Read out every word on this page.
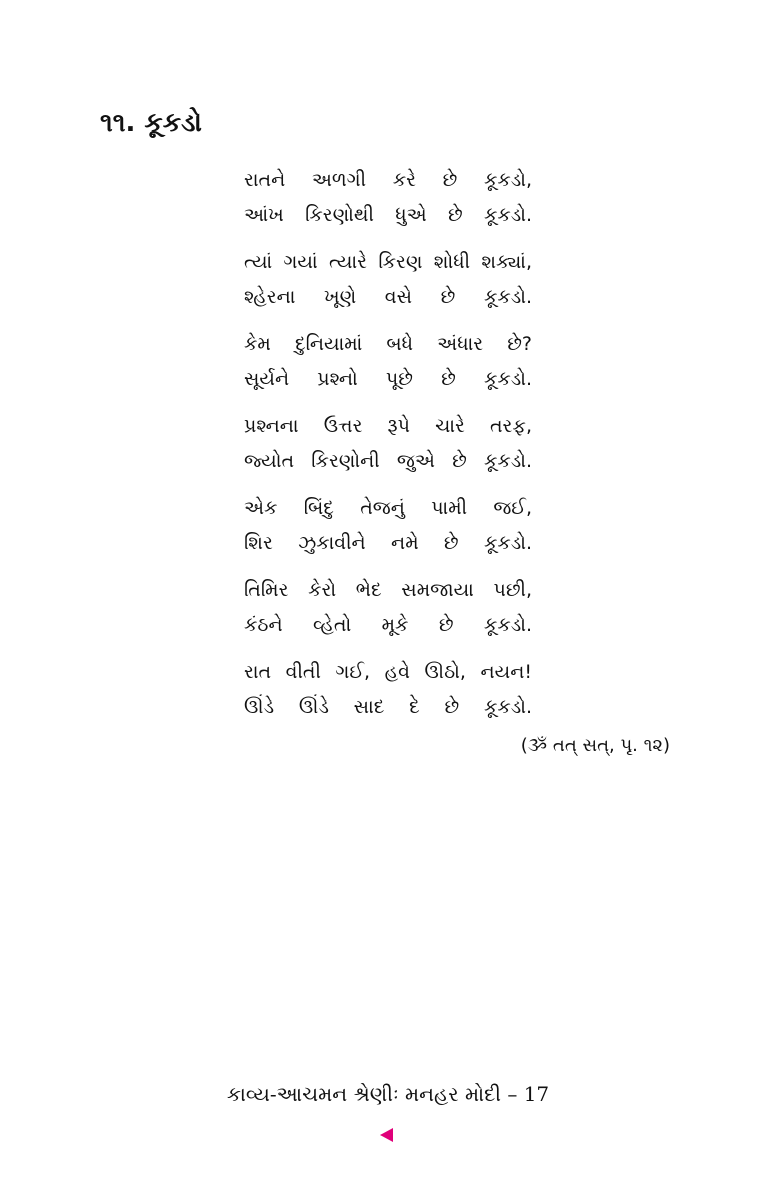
૧૧. કૂકડો
રાતને અળગી કરે છે કૂકડો,
આંખ કિરણોથી ધુએ છે કૂકડો.
ત્યાં ગયાં ત્યારે કિરણ શોધી શક્યાં,
શ્હેરના ખૂણે વસે છે કૂકડો.
કેમ દુનિયામાં બધે અંધાર છે?
સૂર્યને પ્રશ્નો પૂછે છે કૂકડો.
પ્રશ્નના ઉત્તર રૂપે ચારે તરફ,
જ્યોત કિરણોની જુએ છે કૂકડો.
એક બિંદુ તેજનું પામી જઈ,
શિર ઝુકાવીને નમે છે કૂકડો.
તિમિર કેરો ભેદ સમજાયા પછી,
કંઠને વ્હેતો મૂકે છે કૂકડો.
રાત વીતી ગઈ, હવે ઊઠો, નયન!
ઊંડે ઊંડે સાદ દે છે કૂકડો.
(ૐ તત્ સત્, પૃ. ૧૨)
કાવ્ય-આચમન શ્રેણીઃ મનહર મોદી – 17
